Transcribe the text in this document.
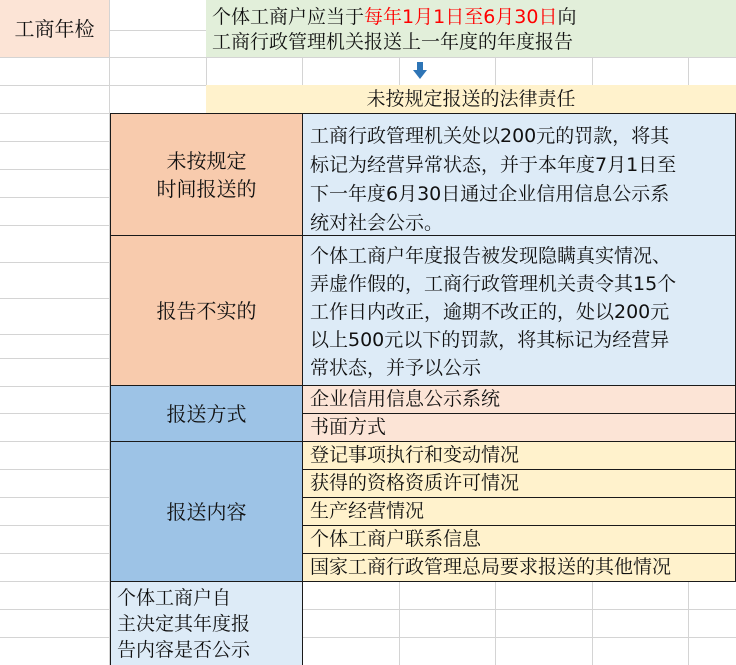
工商年检	个体工商户应当于每年1月1日至6月30日向
工商行政管理机关报送上一年度的年度报告
未按规定报送的法律责任
未按规定
时间报送的
工商行政管理机关处以200元的罚款，将其
标记为经营异常状态，并于本年度7月1日至
下一年度6月30日通过企业信用信息公示系
统对社会公示。
报告不实的
个体工商户年度报告被发现隐瞒真实情况、
弄虚作假的，工商行政管理机关责令其15个
工作日内改正，逾期不改正的，处以200元
以上500元以下的罚款，将其标记为经营异
常状态，并予以公示
报送方式
企业信用信息公示系统
书面方式
报送内容
登记事项执行和变动情况
获得的资格资质许可情况
生产经营情况
个体工商户联系信息
国家工商行政管理总局要求报送的其他情况
个体工商户自
主决定其年度报
告内容是否公示
